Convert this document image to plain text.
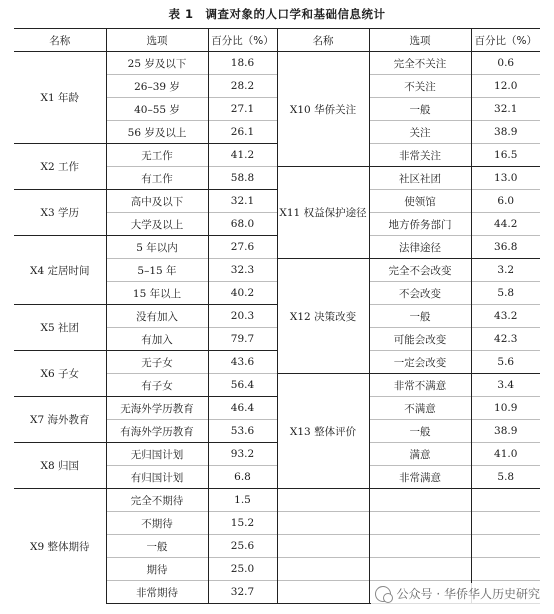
表 1　调查对象的人口学和基础信息统计
名称	选项	百分比（%）	名称	选项	百分比（%）
X1 年龄	25 岁及以下	18.6	X10 华侨关注	完全不关注	0.6
	26–39 岁	28.2		不关注	12.0
	40–55 岁	27.1		一般	32.1
	56 岁及以上	26.1		关注	38.9
X2 工作	无工作	41.2		非常关注	16.5
	有工作	58.8	X11 权益保护途径	社区社团	13.0
X3 学历	高中及以下	32.1		使领馆	6.0
	大学及以上	68.0		地方侨务部门	44.2
X4 定居时间	5 年以内	27.6		法律途径	36.8
	5–15 年	32.3	X12 决策改变	完全不会改变	3.2
	15 年以上	40.2		不会改变	5.8
X5 社团	没有加入	20.3		一般	43.2
	有加入	79.7		可能会改变	42.3
X6 子女	无子女	43.6		一定会改变	5.6
	有子女	56.4	X13 整体评价	非常不满意	3.4
X7 海外教育	无海外学历教育	46.4		不满意	10.9
	有海外学历教育	53.6		一般	38.9
X8 归国	无归国计划	93.2		满意	41.0
	有归国计划	6.8		非常满意	5.8
X9 整体期待	完全不期待	1.5			
	不期待	15.2			
	一般	25.6			
	期待	25.0			
	非常期待	32.7				公众号 · 华侨华人历史研究
